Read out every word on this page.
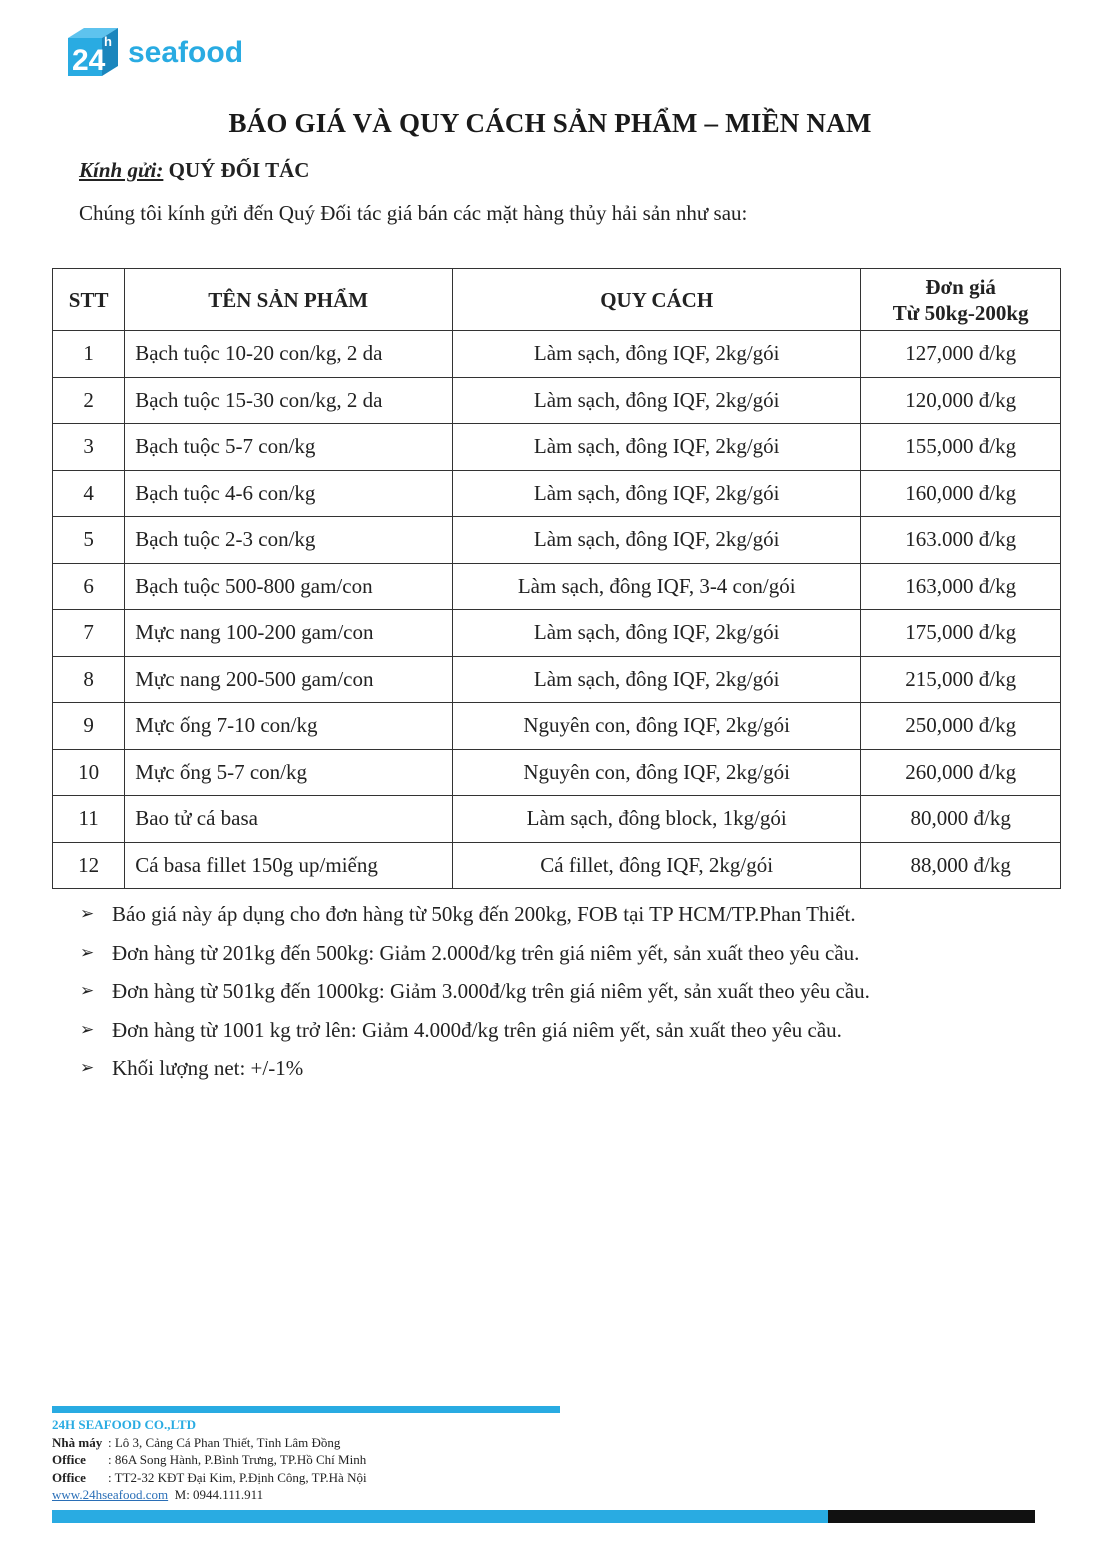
24
h seafood
BÁO GIÁ VÀ QUY CÁCH SẢN PHẨM – MIỀN NAM
Kính gửi: QUÝ ĐỐI TÁC
Chúng tôi kính gửi đến Quý Đối tác giá bán các mặt hàng thủy hải sản như sau:
STT	TÊN SẢN PHẨM	QUY CÁCH	Đơn giá
Từ 50kg-200kg

1	Bạch tuộc 10-20 con/kg, 2 da	Làm sạch, đông IQF, 2kg/gói	127,000 đ/kg
2	Bạch tuộc 15-30 con/kg, 2 da	Làm sạch, đông IQF, 2kg/gói	120,000 đ/kg
3	Bạch tuộc 5-7 con/kg	Làm sạch, đông IQF, 2kg/gói	155,000 đ/kg
4	Bạch tuộc 4-6 con/kg	Làm sạch, đông IQF, 2kg/gói	160,000 đ/kg
5	Bạch tuộc 2-3 con/kg	Làm sạch, đông IQF, 2kg/gói	163.000 đ/kg
6	Bạch tuộc 500-800 gam/con	Làm sạch, đông IQF, 3-4 con/gói	163,000 đ/kg
7	Mực nang 100-200 gam/con	Làm sạch, đông IQF, 2kg/gói	175,000 đ/kg
8	Mực nang 200-500 gam/con	Làm sạch, đông IQF, 2kg/gói	215,000 đ/kg
9	Mực ống 7-10 con/kg	Nguyên con, đông IQF, 2kg/gói	250,000 đ/kg
10	Mực ống 5-7 con/kg	Nguyên con, đông IQF, 2kg/gói	260,000 đ/kg
11	Bao tử cá basa	Làm sạch, đông block, 1kg/gói	80,000 đ/kg
12	Cá basa fillet 150g up/miếng	Cá fillet, đông IQF, 2kg/gói	88,000 đ/kg
➢ Báo giá này áp dụng cho đơn hàng từ 50kg đến 200kg, FOB tại TP HCM/TP.Phan Thiết.
➢ Đơn hàng từ 201kg đến 500kg: Giảm 2.000đ/kg trên giá niêm yết, sản xuất theo yêu cầu.
➢ Đơn hàng từ 501kg đến 1000kg: Giảm 3.000đ/kg trên giá niêm yết, sản xuất theo yêu cầu.
➢ Đơn hàng từ 1001 kg trở lên: Giảm 4.000đ/kg trên giá niêm yết, sản xuất theo yêu cầu.
➢ Khối lượng net: +/-1%
24H SEAFOOD CO.,LTD
Nhà máy : Lô 3, Cảng Cá Phan Thiết, Tỉnh Lâm Đồng
Office : 86A Song Hành, P.Bình Trưng, TP.Hồ Chí Minh
Office : TT2-32 KĐT Đại Kim, P.Định Công, TP.Hà Nội
www.24hseafood.com M: 0944.111.911
